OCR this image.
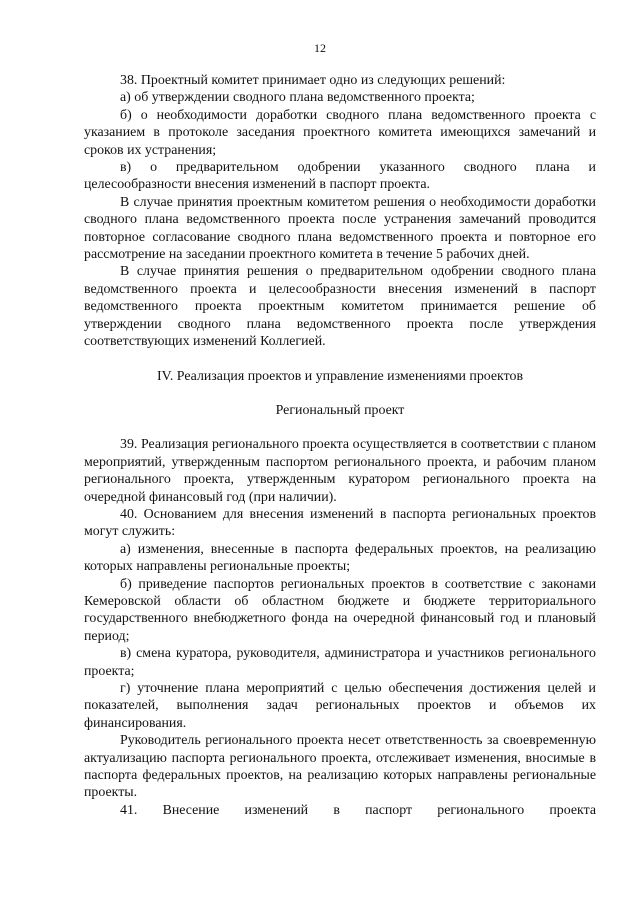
12

38. Проектный комитет принимает одно из следующих решений:

а) об утверждении сводного плана ведомственного проекта;

б) о необходимости доработки сводного плана ведомственного проекта с указанием в протоколе заседания проектного комитета имеющихся замечаний и сроков их устранения;

в) о предварительном одобрении указанного сводного плана и целесообразности внесения изменений в паспорт проекта.

В случае принятия проектным комитетом решения о необходимости доработки сводного плана ведомственного проекта после устранения замечаний проводится повторное согласование сводного плана ведомственного проекта и повторное его рассмотрение на заседании проектного комитета в течение 5 рабочих дней.

В случае принятия решения о предварительном одобрении сводного плана ведомственного проекта и целесообразности внесения изменений в паспорт ведомственного проекта проектным комитетом принимается решение об утверждении сводного плана ведомственного проекта после утверждения соответствующих изменений Коллегией.

IV. Реализация проектов и управление изменениями проектов

Региональный проект

39. Реализация регионального проекта осуществляется в соответствии с планом мероприятий, утвержденным паспортом регионального проекта, и рабочим планом регионального проекта, утвержденным куратором регионального проекта на очередной финансовый год (при наличии).

40. Основанием для внесения изменений в паспорта региональных проектов могут служить:

а) изменения, внесенные в паспорта федеральных проектов, на реализацию которых направлены региональные проекты;

б) приведение паспортов региональных проектов в соответствие с законами Кемеровской области об областном бюджете и бюджете территориального государственного внебюджетного фонда на очередной финансовый год и плановый период;

в) смена куратора, руководителя, администратора и участников регионального проекта;

г) уточнение плана мероприятий с целью обеспечения достижения целей и показателей, выполнения задач региональных проектов и объемов их финансирования.

Руководитель регионального проекта несет ответственность за своевременную актуализацию паспорта регионального проекта, отслеживает изменения, вносимые в паспорта федеральных проектов, на реализацию которых направлены региональные проекты.

41. Внесение изменений в паспорт регионального проекта
